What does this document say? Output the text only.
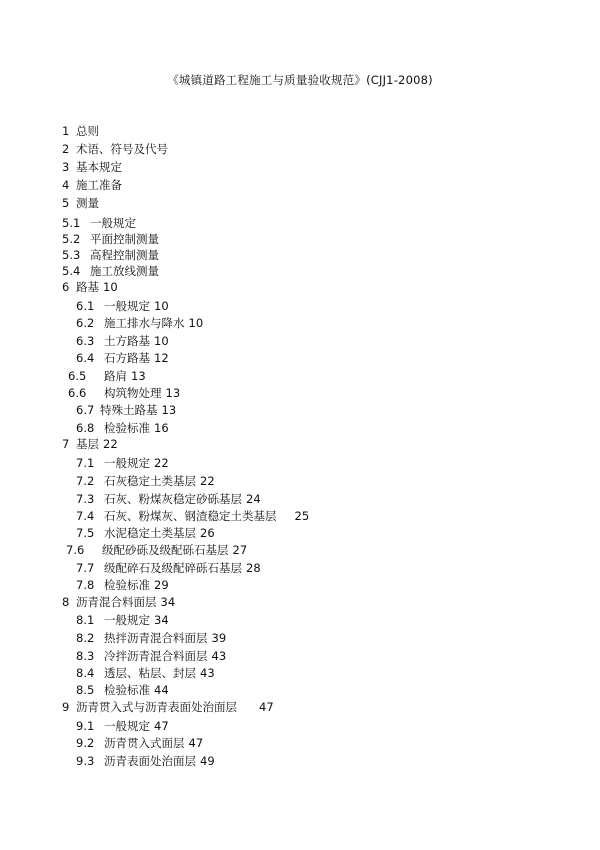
《城镇道路工程施工与质量验收规范》(CJJ1-2008)
1 总则
2 术语、符号及代号
3 基本规定
4 施工准备
5 测量
5.1 一般规定
5.2 平面控制测量
5.3 高程控制测量
5.4 施工放线测量
6 路基 10
6.1 一般规定 10
6.2 施工排水与降水 10
6.3 土方路基 10
6.4 石方路基 12
6.5 路肩 13
6.6 构筑物处理 13
6.7 特殊土路基 13
6.8 检验标准 16
7 基层 22
7.1 一般规定 22
7.2 石灰稳定土类基层 22
7.3 石灰、粉煤灰稳定砂砾基层 24
7.4 石灰、粉煤灰、钢渣稳定土类基层 25
7.5 水泥稳定土类基层 26
7.6 级配砂砾及级配砾石基层 27
7.7 级配碎石及级配碎砾石基层 28
7.8 检验标准 29
8 沥青混合料面层 34
8.1 一般规定 34
8.2 热拌沥青混合料面层 39
8.3 冷拌沥青混合料面层 43
8.4 透层、粘层、封层 43
8.5 检验标准 44
9 沥青贯入式与沥青表面处治面层 47
9.1 一般规定 47
9.2 沥青贯入式面层 47
9.3 沥青表面处治面层 49
